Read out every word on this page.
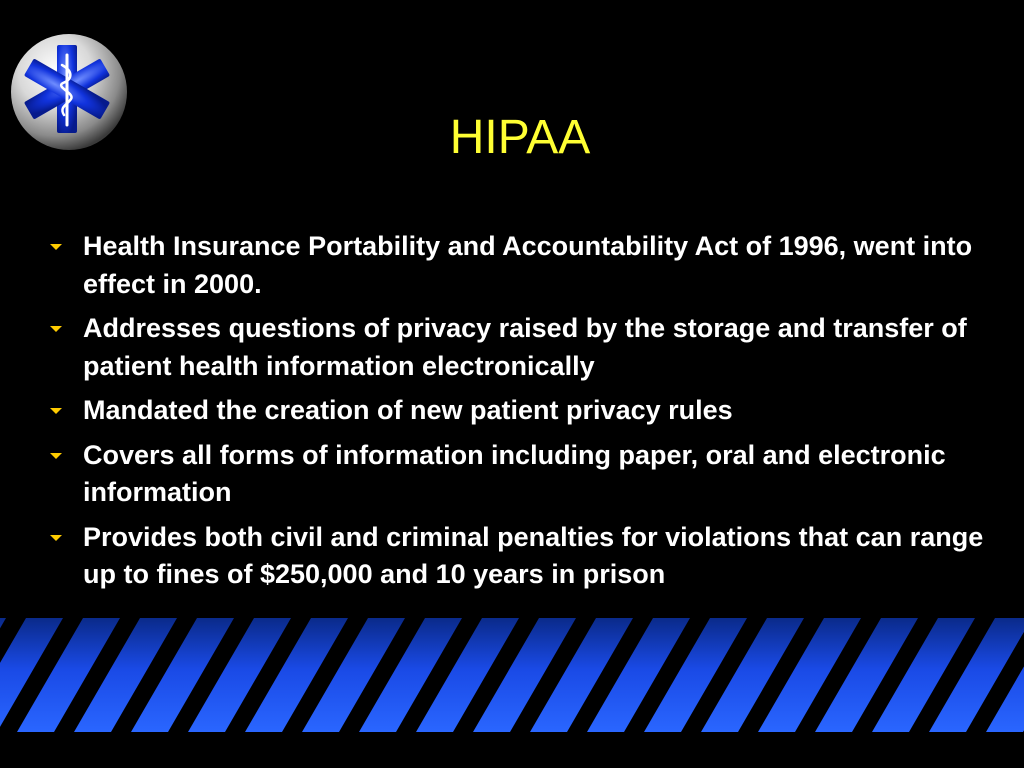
HIPAA
Health Insurance Portability and Accountability Act of 1996, went into effect in 2000.
Addresses questions of privacy raised by the storage and transfer of patient health information electronically
Mandated the creation of new patient privacy rules
Covers all forms of information including paper, oral and electronic information
Provides both civil and criminal penalties for violations that can range up to fines of $250,000 and 10 years in prison
